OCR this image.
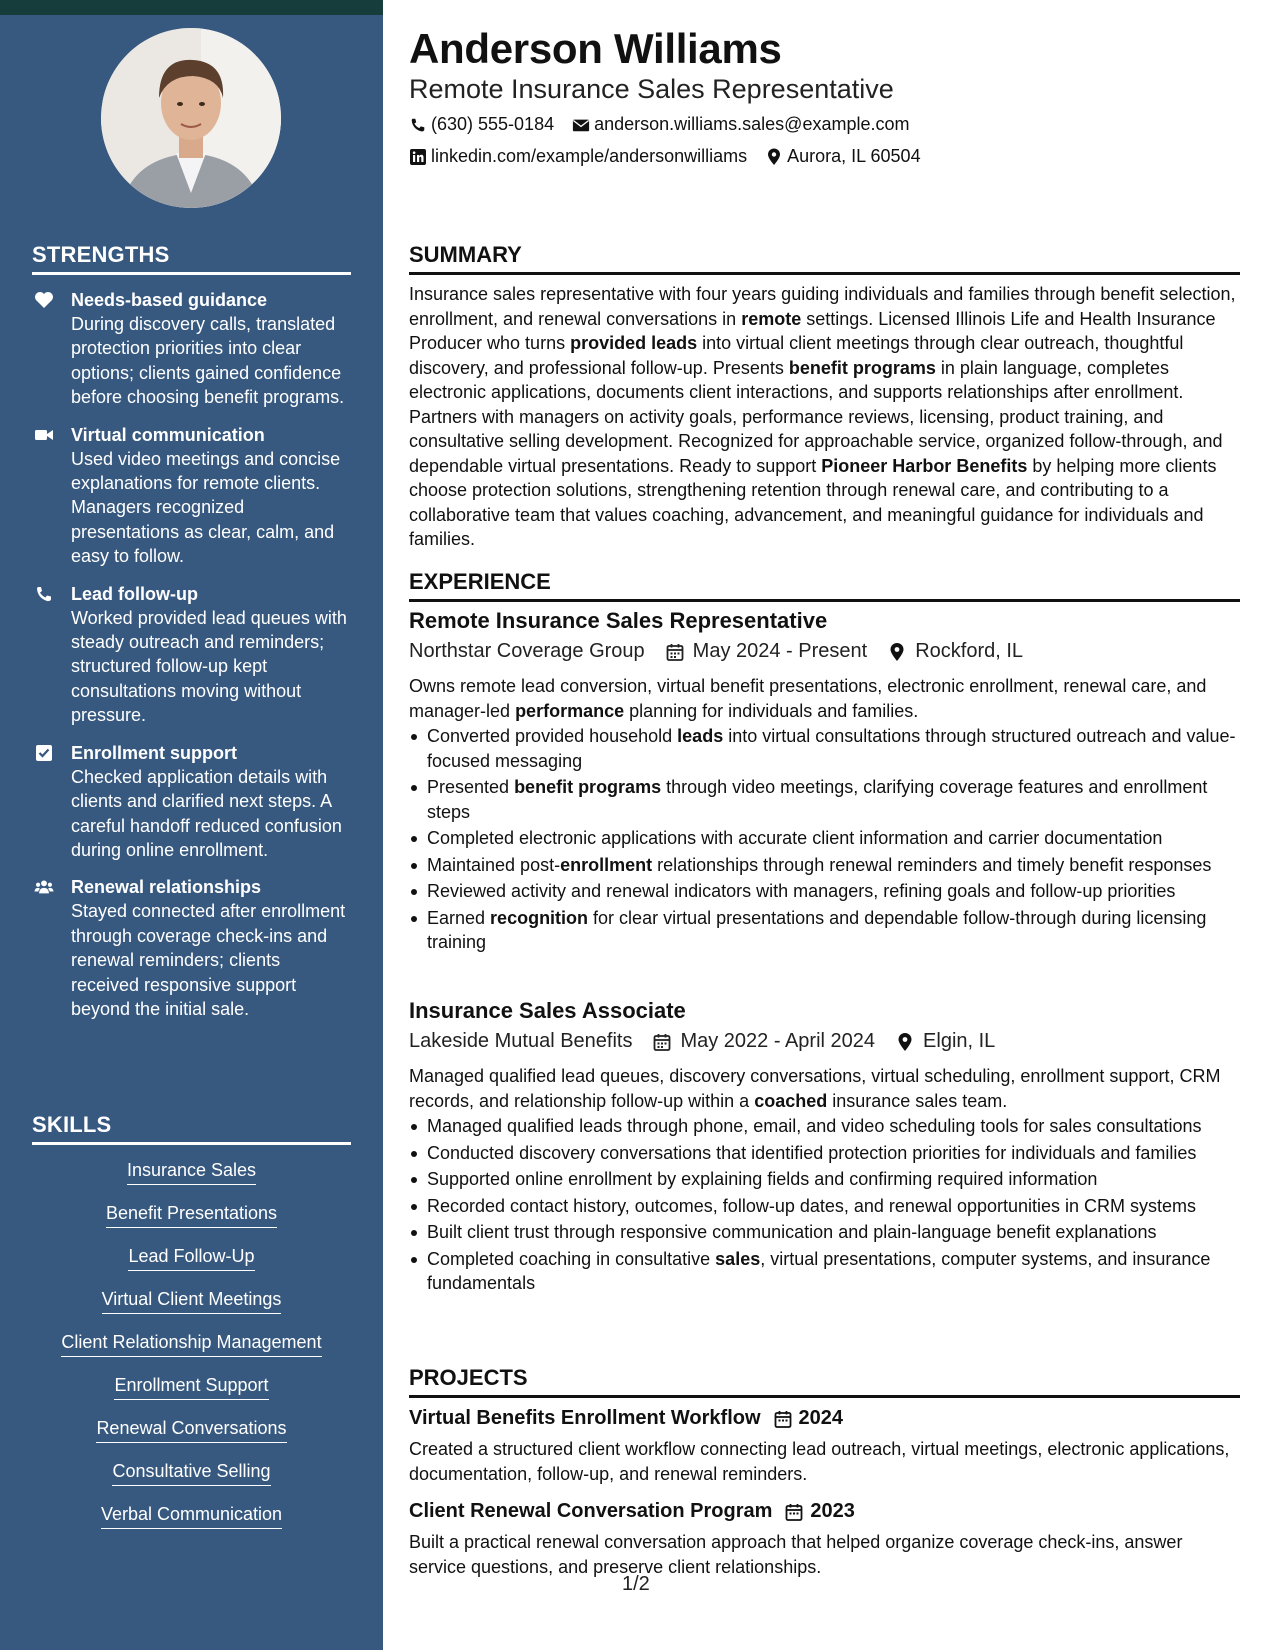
STRENGTHS
Needs-based guidance
During discovery calls, translated protection priorities into clear options; clients gained confidence before choosing benefit programs.
Virtual communication
Used video meetings and concise explanations for remote clients. Managers recognized presentations as clear, calm, and easy to follow.
Lead follow-up
Worked provided lead queues with steady outreach and reminders; structured follow-up kept consultations moving without pressure.
Enrollment support
Checked application details with clients and clarified next steps. A careful handoff reduced confusion during online enrollment.
Renewal relationships
Stayed connected after enrollment through coverage check-ins and renewal reminders; clients received responsive support beyond the initial sale.
SKILLS
Insurance Sales
Benefit Presentations
Lead Follow-Up
Virtual Client Meetings
Client Relationship Management
Enrollment Support
Renewal Conversations
Consultative Selling
Verbal Communication
Anderson Williams
Remote Insurance Sales Representative
(630) 555-0184 anderson.williams.sales@example.com
linkedin.com/example/andersonwilliams Aurora, IL 60504
SUMMARY
Insurance sales representative with four years guiding individuals and families through benefit selection, enrollment, and renewal conversations in remote settings. Licensed Illinois Life and Health Insurance Producer who turns provided leads into virtual client meetings through clear outreach, thoughtful discovery, and professional follow-up. Presents benefit programs in plain language, completes electronic applications, documents client interactions, and supports relationships after enrollment. Partners with managers on activity goals, performance reviews, licensing, product training, and consultative selling development. Recognized for approachable service, organized follow-through, and dependable virtual presentations. Ready to support Pioneer Harbor Benefits by helping more clients choose protection solutions, strengthening retention through renewal care, and contributing to a collaborative team that values coaching, advancement, and meaningful guidance for individuals and families.
EXPERIENCE
Remote Insurance Sales Representative
Northstar Coverage Group May 2024 - Present Rockford, IL
Owns remote lead conversion, virtual benefit presentations, electronic enrollment, renewal care, and manager-led performance planning for individuals and families.
Converted provided household leads into virtual consultations through structured outreach and value-focused messaging
Presented benefit programs through video meetings, clarifying coverage features and enrollment steps
Completed electronic applications with accurate client information and carrier documentation
Maintained post-enrollment relationships through renewal reminders and timely benefit responses
Reviewed activity and renewal indicators with managers, refining goals and follow-up priorities
Earned recognition for clear virtual presentations and dependable follow-through during licensing training
Insurance Sales Associate
Lakeside Mutual Benefits May 2022 - April 2024 Elgin, IL
Managed qualified lead queues, discovery conversations, virtual scheduling, enrollment support, CRM records, and relationship follow-up within a coached insurance sales team.
Managed qualified leads through phone, email, and video scheduling tools for sales consultations
Conducted discovery conversations that identified protection priorities for individuals and families
Supported online enrollment by explaining fields and confirming required information
Recorded contact history, outcomes, follow-up dates, and renewal opportunities in CRM systems
Built client trust through responsive communication and plain-language benefit explanations
Completed coaching in consultative sales, virtual presentations, computer systems, and insurance fundamentals
PROJECTS
Virtual Benefits Enrollment Workflow 2024
Created a structured client workflow connecting lead outreach, virtual meetings, electronic applications, documentation, follow-up, and renewal reminders.
Client Renewal Conversation Program 2023
Built a practical renewal conversation approach that helped organize coverage check-ins, answer service questions, and preserve client relationships.
1/2
